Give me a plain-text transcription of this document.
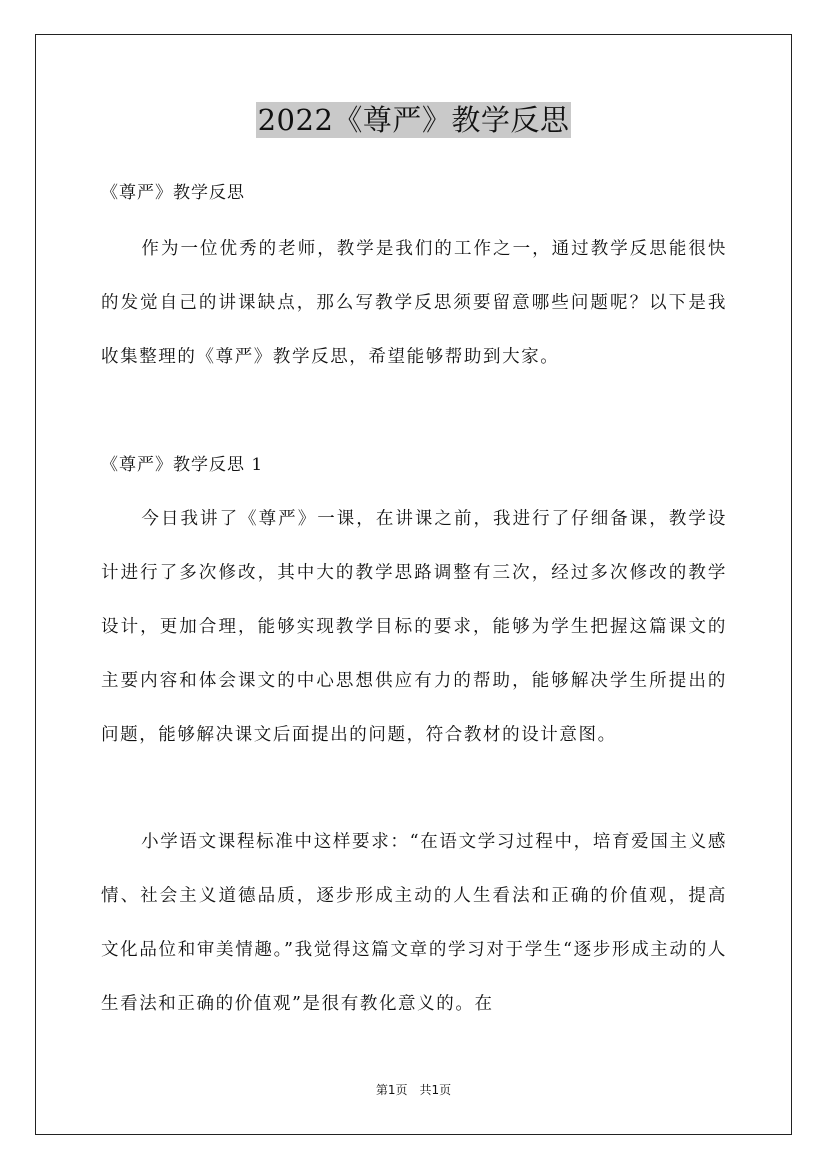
2022《尊严》教学反思
《尊严》教学反思

作为一位优秀的老师，教学是我们的工作之一，通过教学反思能很快的发觉自己的讲课缺点，那么写教学反思须要留意哪些问题呢？以下是我收集整理的《尊严》教学反思，希望能够帮助到大家。

《尊严》教学反思 1

今日我讲了《尊严》一课，在讲课之前，我进行了仔细备课，教学设计进行了多次修改，其中大的教学思路调整有三次，经过多次修改的教学设计，更加合理，能够实现教学目标的要求，能够为学生把握这篇课文的主要内容和体会课文的中心思想供应有力的帮助，能够解决学生所提出的问题，能够解决课文后面提出的问题，符合教材的设计意图。

小学语文课程标准中这样要求：“在语文学习过程中，培育爱国主义感情、社会主义道德品质，逐步形成主动的人生看法和正确的价值观，提高文化品位和审美情趣。”我觉得这篇文章的学习对于学生“逐步形成主动的人生看法和正确的价值观”是很有教化意义的。在

第1页　共1页
